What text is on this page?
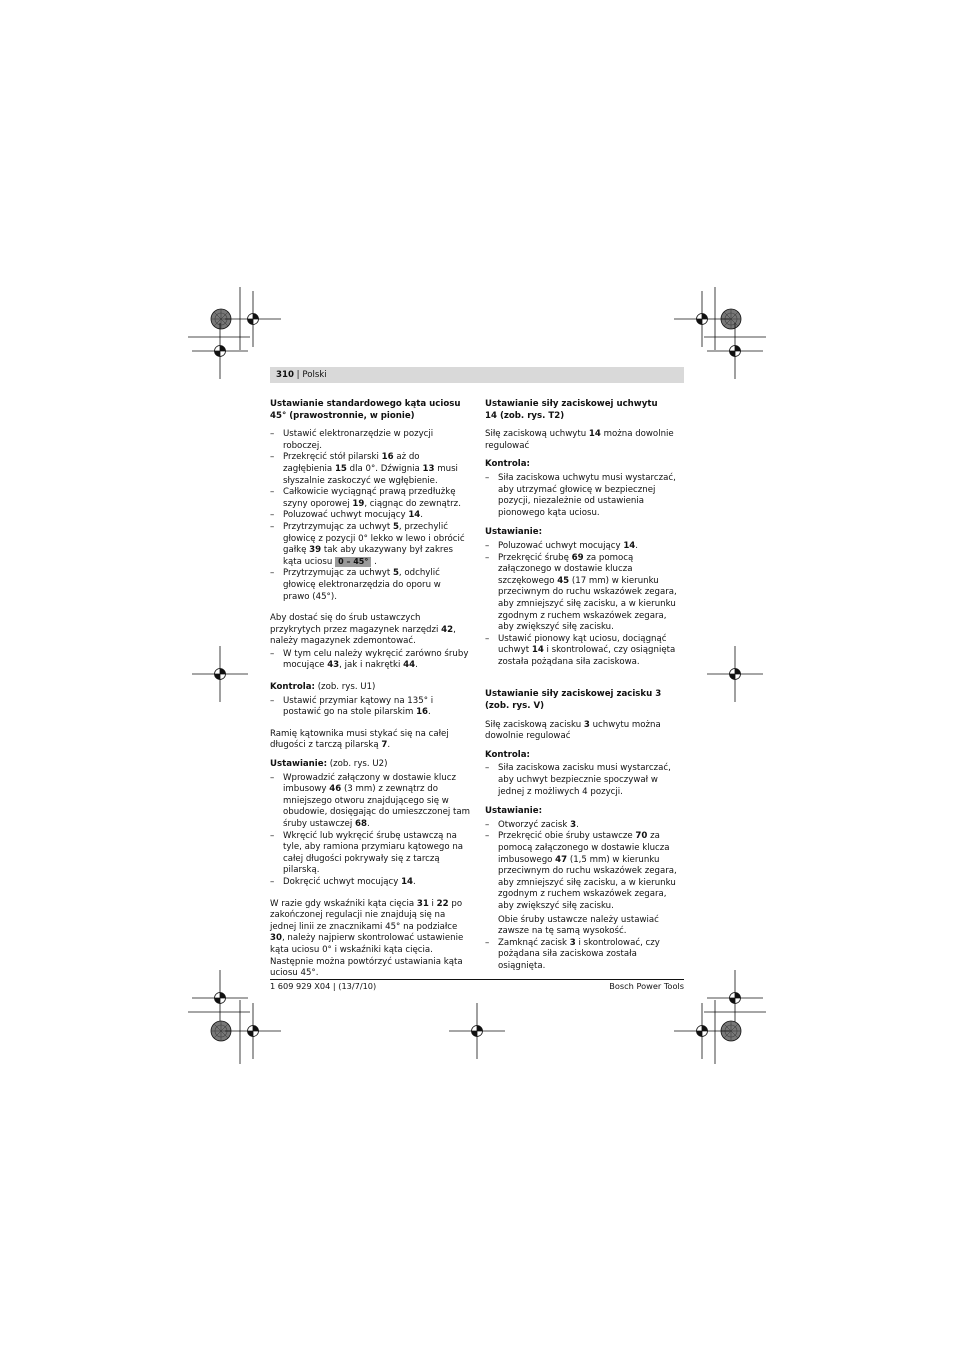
310 | Polski
Ustawianie standardowego kąta uciosu 45° (prawostronnie, w pionie)
– Ustawić elektronarzędzie w pozycji roboczej.
– Przekręcić stół pilarski 16 aż do zagłębienia 15 dla 0°. Dźwignia 13 musi słyszalnie zaskoczyć we wgłębienie.
– Całkowicie wyciągnąć prawą przedłużkę szyny oporowej 19, ciągnąc do zewnątrz.
– Poluzować uchwyt mocujący 14.
– Przytrzymując za uchwyt 5, przechylić głowicę z pozycji 0° lekko w lewo i obrócić gałkę 39 tak aby ukazywany był zakres kąta uciosu 0 – 45° .
– Przytrzymując za uchwyt 5, odchylić głowicę elektronarzędzia do oporu w prawo (45°).

Aby dostać się do śrub ustawczych przykrytych przez magazynek narzędzi 42, należy magazynek zdemontować.

– W tym celu należy wykręcić zarówno śruby mocujące 43, jak i nakrętki 44.

Kontrola: (zob. rys. U1)

– Ustawić przymiar kątowy na 135° i postawić go na stole pilarskim 16.

Ramię kątownika musi stykać się na całej długości z tarczą pilarską 7.

Ustawianie: (zob. rys. U2)

– Wprowadzić załączony w dostawie klucz imbusowy 46 (3 mm) z zewnątrz do mniejszego otworu znajdującego się w obudowie, dosięgając do umieszczonej tam śruby ustawczej 68.
– Wkręcić lub wykręcić śrubę ustawczą na tyle, aby ramiona przymiaru kątowego na całej długości pokrywały się z tarczą pilarską.
– Dokręcić uchwyt mocujący 14.

W razie gdy wskaźniki kąta cięcia 31 i 22 po zakończonej regulacji nie znajdują się na jednej linii ze znacznikami 45° na podziałce 30, należy najpierw skontrolować ustawienie kąta uciosu 0° i wskaźniki kąta cięcia. Następnie można powtórzyć ustawiania kąta uciosu 45°.

Ustawianie siły zaciskowej uchwytu 14 (zob. rys. T2)

Siłę zaciskową uchwytu 14 można dowolnie regulować

Kontrola:

– Siła zaciskowa uchwytu musi wystarczać, aby utrzymać głowicę w bezpiecznej pozycji, niezależnie od ustawienia pionowego kąta uciosu.

Ustawianie:

– Poluzować uchwyt mocujący 14.
– Przekręcić śrubę 69 za pomocą załączonego w dostawie klucza szczękowego 45 (17 mm) w kierunku przeciwnym do ruchu wskazówek zegara, aby zmniejszyć siłę zacisku, a w kierunku zgodnym z ruchem wskazówek zegara, aby zwiększyć siłę zacisku.
– Ustawić pionowy kąt uciosu, dociągnąć uchwyt 14 i skontrolować, czy osiągnięta została pożądana siła zaciskowa.
Ustawianie siły zaciskowej zacisku 3 (zob. rys. V)

Siłę zaciskową zacisku 3 uchwytu można dowolnie regulować

Kontrola:

– Siła zaciskowa zacisku musi wystarczać, aby uchwyt bezpiecznie spoczywał w jednej z możliwych 4 pozycji.

Ustawianie:

– Otworzyć zacisk 3.
– Przekręcić obie śruby ustawcze 70 za pomocą załączonego w dostawie klucza imbusowego 47 (1,5 mm) w kierunku przeciwnym do ruchu wskazówek zegara, aby zmniejszyć siłę zacisku, a w kierunku zgodnym z ruchem wskazówek zegara, aby zwiększyć siłę zacisku.
Obie śruby ustawcze należy ustawiać zawsze na tę samą wysokość.
– Zamknąć zacisk 3 i skontrolować, czy pożądana siła zaciskowa została osiągnięta.
1 609 929 X04 | (13/7/10)	Bosch Power Tools
